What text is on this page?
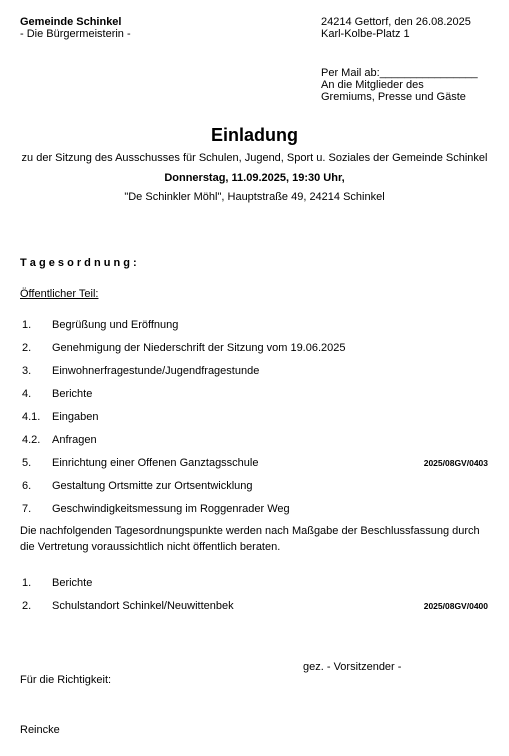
Gemeinde Schinkel
- Die Bürgermeisterin -
24214 Gettorf, den 26.08.2025
Karl-Kolbe-Platz 1
Per Mail ab:________________
An die Mitglieder des
Gremiums, Presse und Gäste
Einladung
zu der Sitzung des Ausschusses für Schulen, Jugend, Sport u. Soziales der Gemeinde Schinkel
Donnerstag, 11.09.2025, 19:30 Uhr,
"De Schinkler Möhl", Hauptstraße 49, 24214 Schinkel
T a g e s o r d n u n g :
Öffentlicher Teil:
1. Begrüßung und Eröffnung
2. Genehmigung der Niederschrift der Sitzung vom 19.06.2025
3. Einwohnerfragestunde/Jugendfragestunde
4. Berichte
4.1. Eingaben
4.2. Anfragen
5. Einrichtung einer Offenen Ganztagsschule	2025/08GV/0403
6. Gestaltung Ortsmitte zur Ortsentwicklung
7. Geschwindigkeitsmessung im Roggenrader Weg
Die nachfolgenden Tagesordnungspunkte werden nach Maßgabe der Beschlussfassung durch
die Vertretung voraussichtlich nicht öffentlich beraten.
1. Berichte
2. Schulstandort Schinkel/Neuwittenbek	2025/08GV/0400
gez. - Vorsitzender -
Für die Richtigkeit:
Reincke
